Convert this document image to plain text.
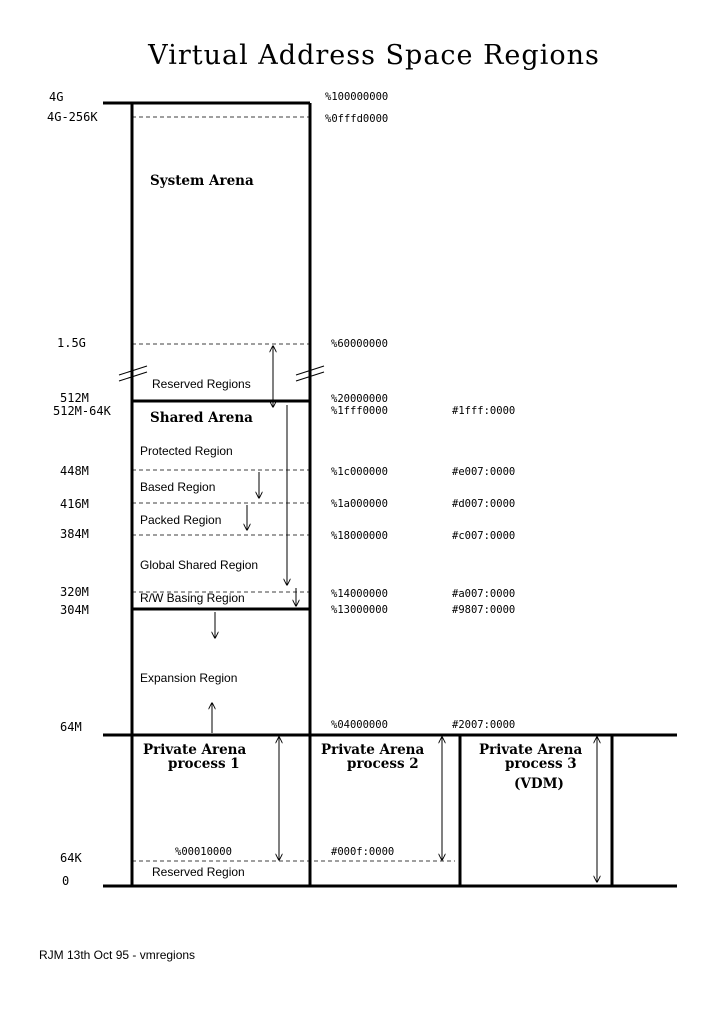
Virtual Address Space Regions
4G
4G-256K
1.5G
512M
512M-64K
448M
416M
384M
320M
304M
64M
64K
0
%100000000
%0fffd0000
%60000000
%20000000
%1fff0000
%1c000000
%1a000000
%18000000
%14000000
%13000000
%04000000
%00010000	#000f:0000
#1fff:0000
#e007:0000
#d007:0000
#c007:0000
#a007:0000
#9807:0000
#2007:0000
System Arena
Shared Arena
Private Arena
process 1
Private Arena
process 2
Private Arena
process 3
(VDM)
Reserved Regions
Protected Region
Based Region
Packed Region
Global Shared Region
R/W Basing Region
Expansion Region
Reserved Region
RJM 13th Oct 95 - vmregions
